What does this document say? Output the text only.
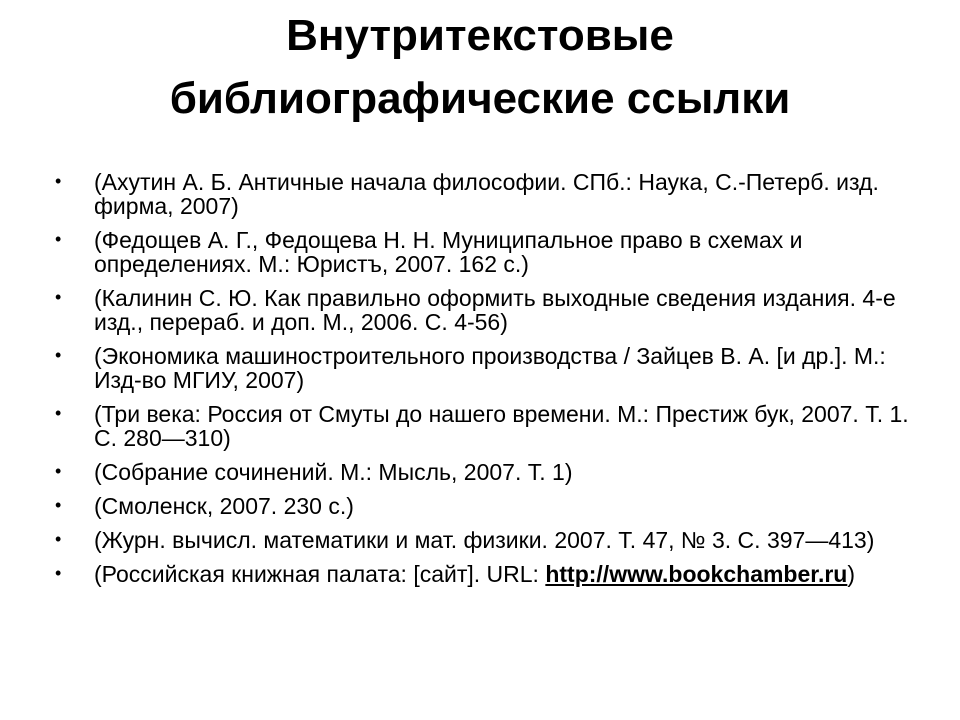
Внутритекстовые
библиографические ссылки
• (Ахутин А. Б. Античные начала философии. СПб.: Наука, С.-Петерб. изд. фирма, 2007)
• (Федощев А. Г., Федощева Н. Н. Муниципальное право в схемах и определениях. М.: Юристъ, 2007. 162 с.)
• (Калинин С. Ю. Как правильно оформить выходные сведения издания. 4-е изд., перераб. и доп. М., 2006. С. 4-56)
• (Экономика машиностроительного производства / Зайцев В. А. [и др.]. М.: Изд-во МГИУ, 2007)
• (Три века: Россия от Смуты до нашего времени. М.: Престиж бук, 2007. Т. 1. С. 280—310)
• (Собрание сочинений. М.: Мысль, 2007. Т. 1)
• (Смоленск, 2007. 230 с.)
• (Журн. вычисл. математики и мат. физики. 2007. Т. 47, № 3. С. 397—413)
• (Российская книжная палата: [сайт]. URL: http://www.bookchamber.ru)
